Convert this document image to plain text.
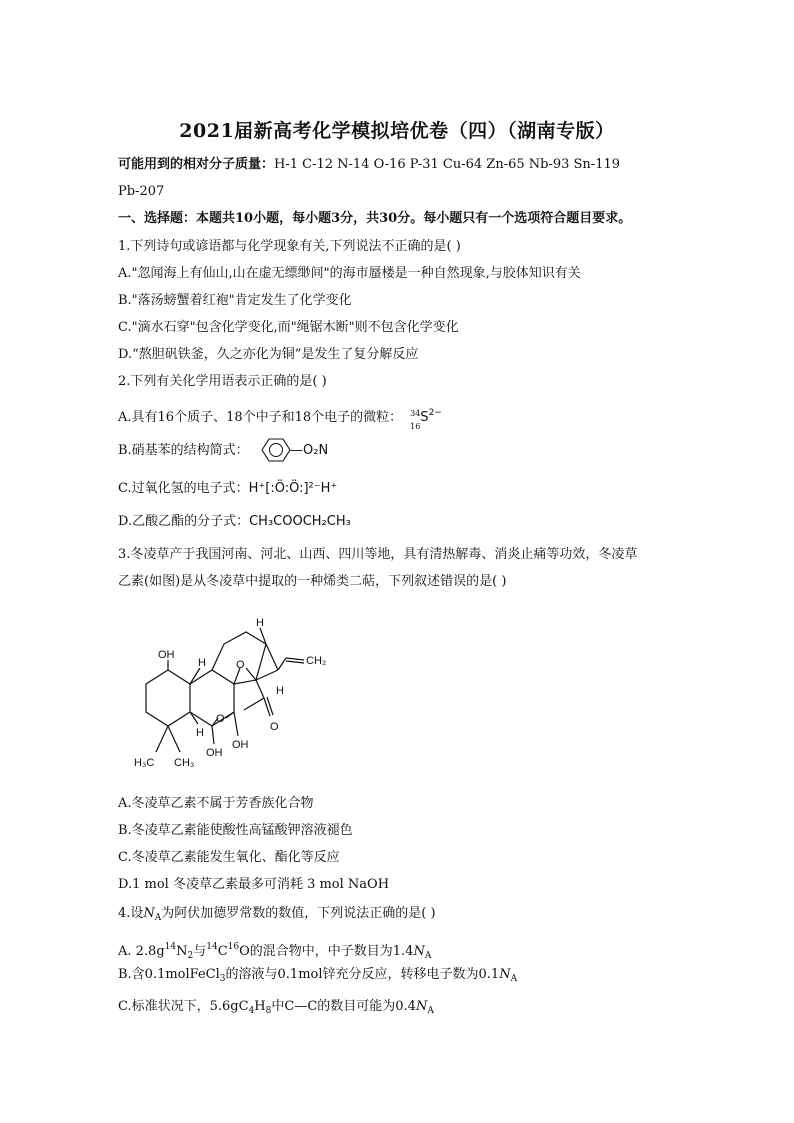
2021届新高考化学模拟培优卷（四）（湖南专版）
可能用到的相对分子质量：H-1 C-12 N-14 O-16 P-31 Cu-64 Zn-65 Nb-93 Sn-119
Pb-207
一、选择题：本题共10小题，每小题3分，共30分。每小题只有一个选项符合题目要求。
1.下列诗句或谚语都与化学现象有关,下列说法不正确的是( )
A."忽闻海上有仙山,山在虚无缥缈间"的海市蜃楼是一种自然现象,与胶体知识有关
B."落汤螃蟹着红袍"肯定发生了化学变化
C."滴水石穿"包含化学变化,而"绳锯木断"则不包含化学变化
D.“熬胆矾铁釜，久之亦化为铜”是发生了复分解反应
2.下列有关化学用语表示正确的是( )
A.具有16个质子、18个中子和18个电子的微粒： 34
16
$S^{2-}$
B.硝基苯的结构简式：	—O₂N
C.过氧化氢的电子式：H⁺[:Ö:Ö:]²⁻H⁺
D.乙酸乙酯的分子式：CH₃COOCH₂CH₃
3.冬凌草产于我国河南、河北、山西、四川等地，具有清热解毒、消炎止痛等功效，冬凌草
乙素(如图)是从冬凌草中提取的一种烯类二萜，下列叙述错误的是( )
OH
H	O
H
CH₂
H
O
O
H
OH
OH
H₃C CH₃
A.冬凌草乙素不属于芳香族化合物
B.冬凌草乙素能使酸性高锰酸钾溶液褪色
C.冬凌草乙素能发生氧化、酯化等反应
D.1 mol 冬凌草乙素最多可消耗 3 mol NaOH
4.设$N_A$为阿伏加德罗常数的数值，下列说法正确的是( )
A. $2.8g^{14}N_2$与$^{14}C^{16}O$的混合物中，中子数目为$1.4N_A$
B.含0.1molFeCl$_3$的溶液与0.1mol锌充分反应，转移电子数为$0.1N_A$
C.标准状况下，$5.6gC_4H_8$中C—C的数目可能为$0.4N_A$
